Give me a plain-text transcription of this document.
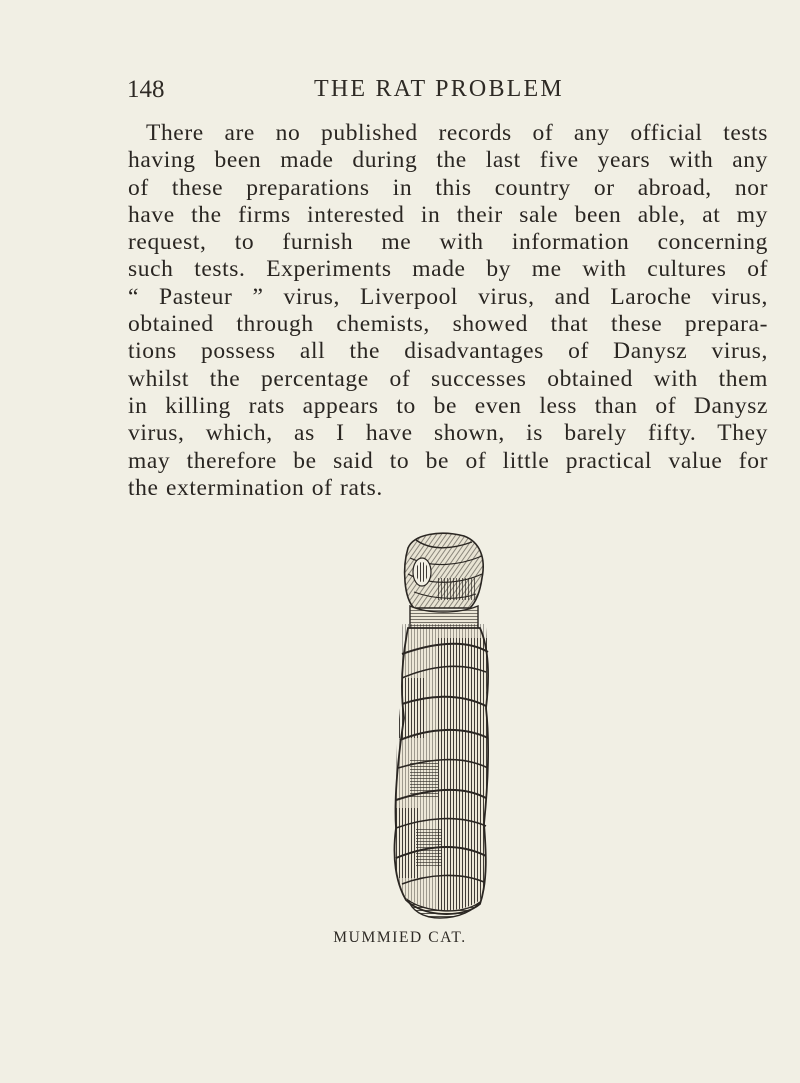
148	THE RAT PROBLEM

There are no published records of any official tests
having been made during the last five years with any
of these preparations in this country or abroad, nor
have the firms interested in their sale been able, at my
request, to furnish me with information concerning
such tests. Experiments made by me with cultures of
“ Pasteur ” virus, Liverpool virus, and Laroche virus,
obtained through chemists, showed that these prepara-
tions possess all the disadvantages of Danysz virus,
whilst the percentage of successes obtained with them
in killing rats appears to be even less than of Danysz
virus, which, as I have shown, is barely fifty. They
may therefore be said to be of little practical value for
the extermination of rats.

MUMMIED CAT.
